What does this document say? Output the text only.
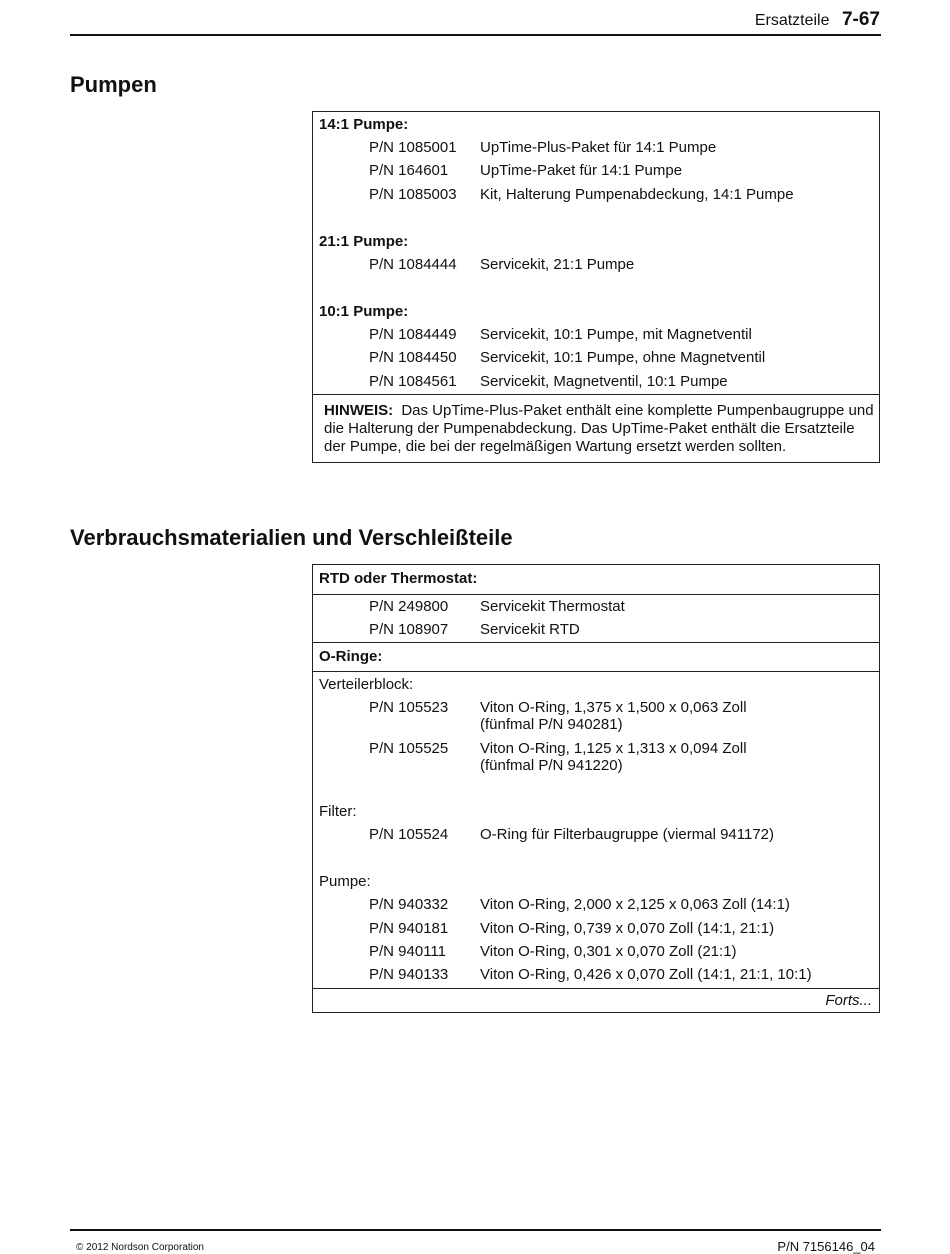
Ersatzteile 7-67
Pumpen
14:1 Pumpe:
P/N 1085001 UpTime-Plus-Paket für 14:1 Pumpe
P/N 164601 UpTime-Paket für 14:1 Pumpe
P/N 1085003 Kit, Halterung Pumpenabdeckung, 14:1 Pumpe
21:1 Pumpe:
P/N 1084444 Servicekit, 21:1 Pumpe
10:1 Pumpe:
P/N 1084449 Servicekit, 10:1 Pumpe, mit Magnetventil
P/N 1084450 Servicekit, 10:1 Pumpe, ohne Magnetventil
P/N 1084561 Servicekit, Magnetventil, 10:1 Pumpe
HINWEIS: Das UpTime-Plus-Paket enthält eine komplette Pumpenbaugruppe und die Halterung der Pumpenabdeckung. Das UpTime-Paket enthält die Ersatzteile der Pumpe, die bei der regelmäßigen Wartung ersetzt werden sollten.
Verbrauchsmaterialien und Verschleißteile
RTD oder Thermostat:
P/N 249800 Servicekit Thermostat
P/N 108907 Servicekit RTD
O-Ringe:
Verteilerblock:
P/N 105523 Viton O-Ring, 1,375 x 1,500 x 0,063 Zoll
(fünfmal P/N 940281)
P/N 105525 Viton O-Ring, 1,125 x 1,313 x 0,094 Zoll
(fünfmal P/N 941220)
Filter:
P/N 105524 O-Ring für Filterbaugruppe (viermal 941172)
Pumpe:
P/N 940332 Viton O-Ring, 2,000 x 2,125 x 0,063 Zoll (14:1)
P/N 940181 Viton O-Ring, 0,739 x 0,070 Zoll (14:1, 21:1)
P/N 940111 Viton O-Ring, 0,301 x 0,070 Zoll (21:1)
P/N 940133 Viton O-Ring, 0,426 x 0,070 Zoll (14:1, 21:1, 10:1)
Forts...
© 2012 Nordson Corporation	P/N 7156146_04
